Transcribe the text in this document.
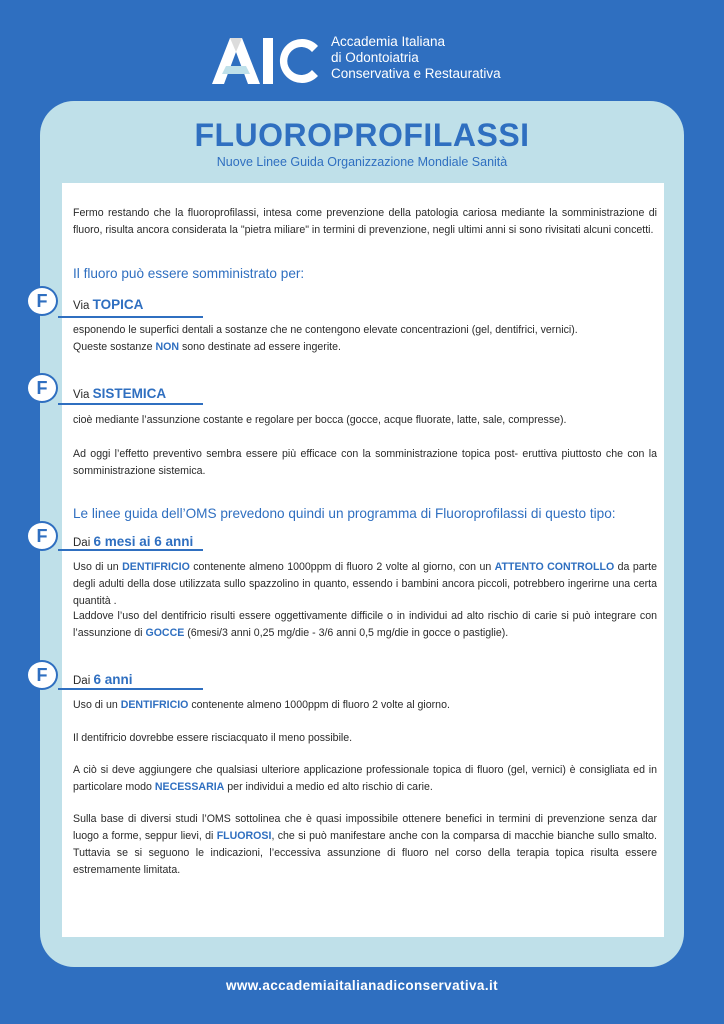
Accademia Italiana
di Odontoiatria
Conservativa e Restaurativa
FLUOROPROFILASSI
Nuove Linee Guida Organizzazione Mondiale Sanità
Fermo restando che la fluoroprofilassi, intesa come prevenzione della patologia cariosa mediante la somministrazione di fluoro, risulta ancora considerata la "pietra miliare" in termini di prevenzione, negli ultimi anni si sono rivisitati alcuni concetti.
Il fluoro può essere somministrato per:
F	Via TOPICA
esponendo le superfici dentali a sostanze che ne contengono elevate concentrazioni (gel, dentifrici, vernici).
Queste sostanze NON sono destinate ad essere ingerite.
F	Via SISTEMICA
cioè mediante l’assunzione costante e regolare per bocca (gocce, acque fluorate, latte, sale, compresse).
Ad oggi l’effetto preventivo sembra essere più efficace con la somministrazione topica post- eruttiva piuttosto che con la somministrazione sistemica.
Le linee guida dell’OMS prevedono quindi un programma di Fluoroprofilassi di questo tipo:
F	Dai 6 mesi ai 6 anni
Uso di un DENTIFRICIO contenente almeno 1000ppm di fluoro 2 volte al giorno, con un ATTENTO CONTROLLO da parte degli adulti della dose utilizzata sullo spazzolino in quanto, essendo i bambini ancora piccoli, potrebbero ingerirne una certa quantità .
Laddove l’uso del dentifricio risulti essere oggettivamente difficile o in individui ad alto rischio di carie si può integrare con l’assunzione di GOCCE (6mesi/3 anni 0,25 mg/die - 3/6 anni 0,5 mg/die in gocce o pastiglie).
F	Dai 6 anni
Uso di un DENTIFRICIO contenente almeno 1000ppm di fluoro 2 volte al giorno.
Il dentifricio dovrebbe essere risciacquato il meno possibile.
A ciò si deve aggiungere che qualsiasi ulteriore applicazione professionale topica di fluoro (gel, vernici) è consigliata ed in particolare modo NECESSARIA per individui a medio ed alto rischio di carie.
Sulla base di diversi studi l’OMS sottolinea che è quasi impossibile ottenere benefici in termini di prevenzione senza dar luogo a forme, seppur lievi, di FLUOROSI, che si può manifestare anche con la comparsa di macchie bianche sullo smalto. Tuttavia se si seguono le indicazioni, l’eccessiva assunzione di fluoro nel corso della terapia topica risulta essere estremamente limitata.
www.accademiaitalianadiconservativa.it
